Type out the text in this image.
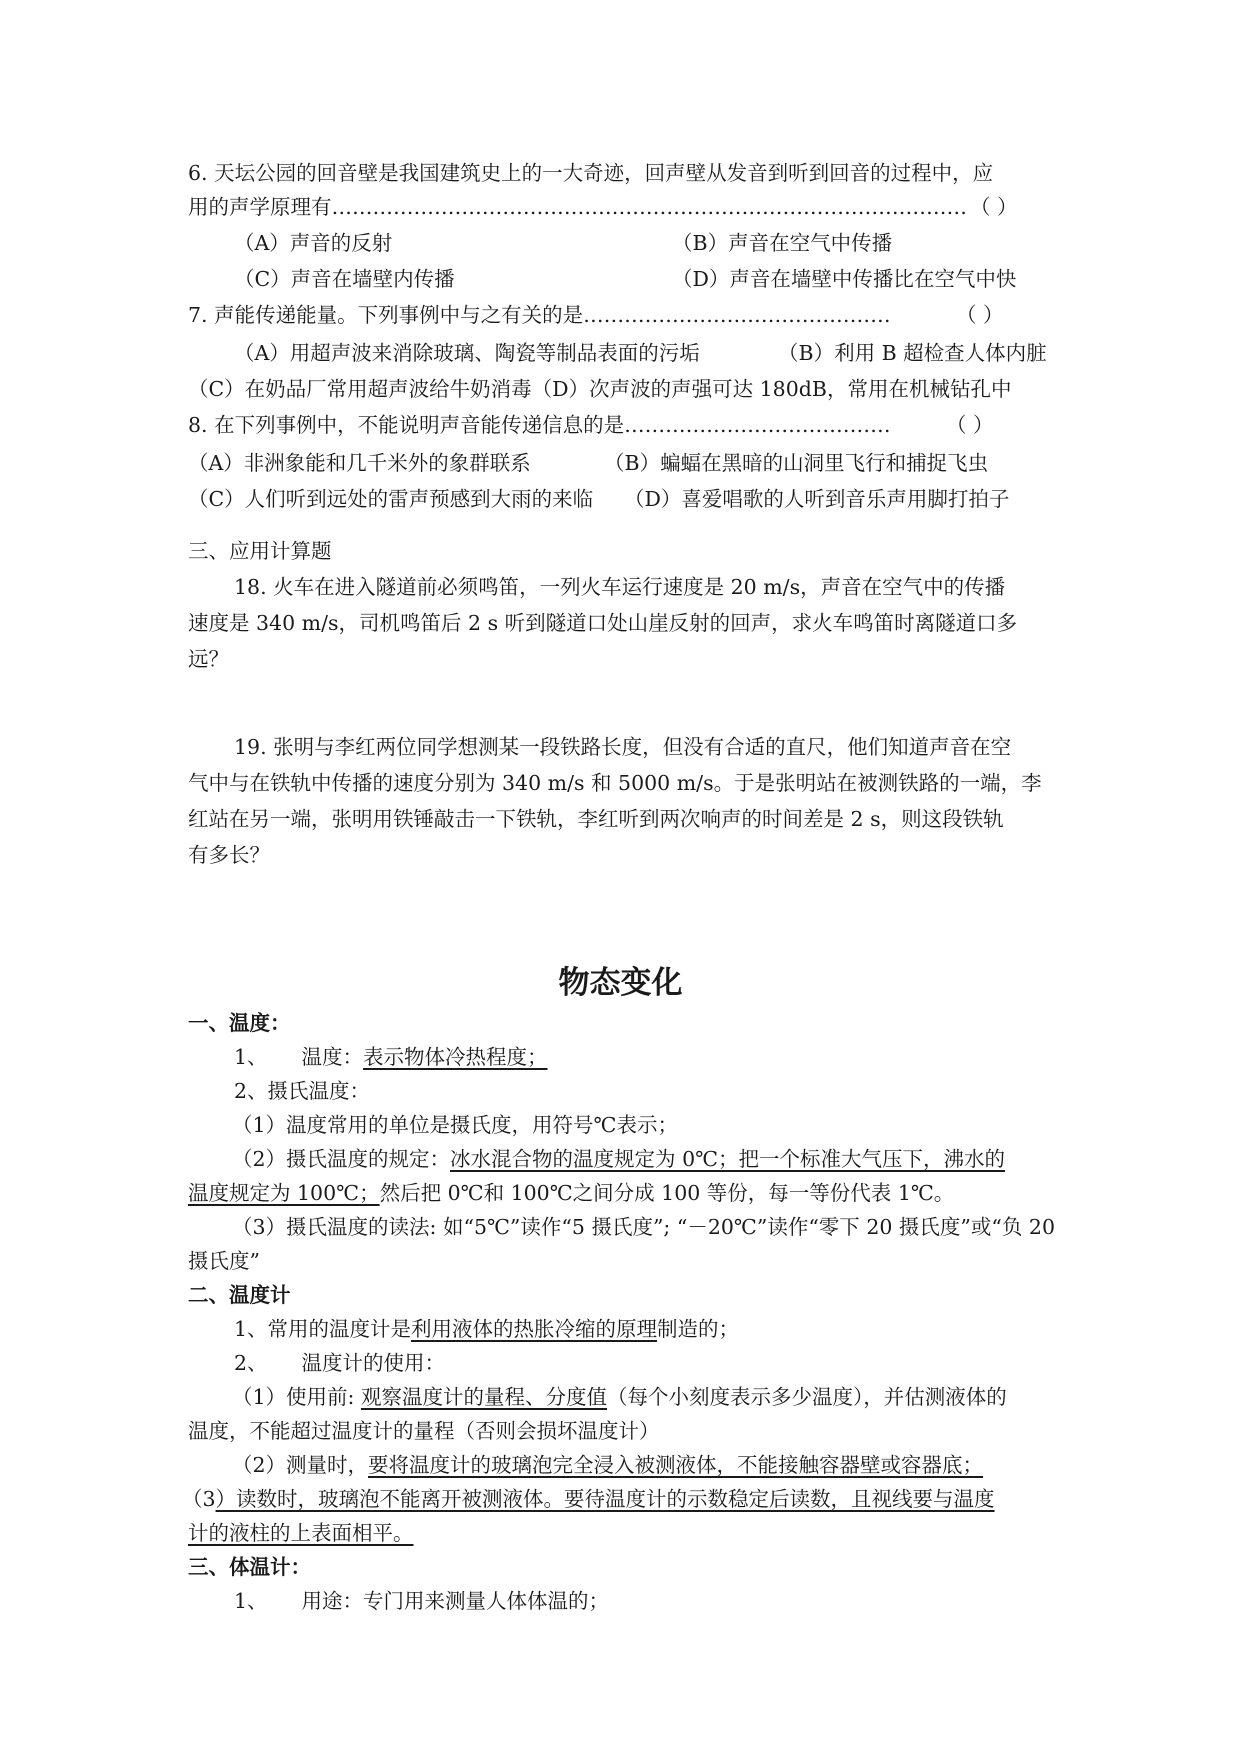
6. 天坛公园的回音壁是我国建筑史上的一大奇迹，回声壁从发音到听到回音的过程中，应
用的声学原理有………………………………………………………………………………… （ ）
（A）声音的反射	（B）声音在空气中传播
（C）声音在墙壁内传播	（D）声音在墙壁中传播比在空气中快
7. 声能传递能量。下列事例中与之有关的是………………………………………	（ ）
（A）用超声波来消除玻璃、陶瓷等制品表面的污垢	（B）利用 B 超检查人体内脏
（C）在奶品厂常用超声波给牛奶消毒（D）次声波的声强可达 180dB，常用在机械钻孔中
8. 在下列事例中，不能说明声音能传递信息的是…………………………………	（ ）
（A）非洲象能和几千米外的象群联系	（B）蝙蝠在黑暗的山洞里飞行和捕捉飞虫
（C）人们听到远处的雷声预感到大雨的来临 （D）喜爱唱歌的人听到音乐声用脚打拍子
三、应用计算题
18. 火车在进入隧道前必须鸣笛，一列火车运行速度是 20 m/s，声音在空气中的传播
速度是 340 m/s，司机鸣笛后 2 s 听到隧道口处山崖反射的回声，求火车鸣笛时离隧道口多
远？
19. 张明与李红两位同学想测某一段铁路长度，但没有合适的直尺，他们知道声音在空
气中与在铁轨中传播的速度分别为 340 m/s 和 5000 m/s。于是张明站在被测铁路的一端，李
红站在另一端，张明用铁锤敲击一下铁轨，李红听到两次响声的时间差是 2 s，则这段铁轨
有多长？
物态变化
一、温度：
1、 温度：表示物体冷热程度；
2、摄氏温度：
（1）温度常用的单位是摄氏度，用符号℃表示；
（2）摄氏温度的规定：冰水混合物的温度规定为 0℃；把一个标准大气压下，沸水的
温度规定为 100℃；然后把 0℃和 100℃之间分成 100 等份，每一等份代表 1℃。
（3）摄氏温度的读法: 如“5℃”读作“5 摄氏度”; “－20℃”读作“零下 20 摄氏度”或“负 20
摄氏度”
二、温度计
1、常用的温度计是利用液体的热胀冷缩的原理制造的；
2、 温度计的使用：
（1）使用前: 观察温度计的量程、分度值（每个小刻度表示多少温度），并估测液体的
温度，不能超过温度计的量程（否则会损坏温度计）
（2）测量时，要将温度计的玻璃泡完全浸入被测液体，不能接触容器壁或容器底；
（3）读数时，玻璃泡不能离开被测液体。要待温度计的示数稳定后读数，且视线要与温度
计的液柱的上表面相平。
三、体温计：
1、 用途：专门用来测量人体体温的；
